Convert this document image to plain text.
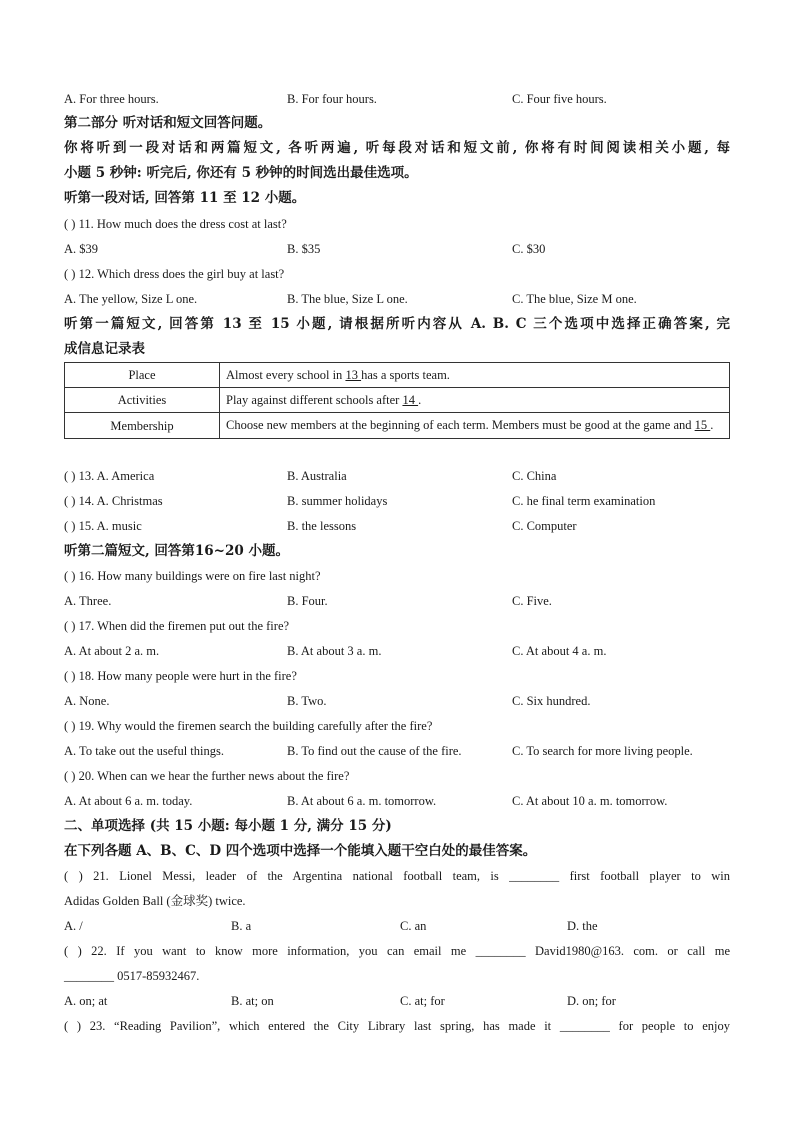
A. For three hours.	B. For four hours.	C. Four five hours.
第二部分 听对话和短文回答问题。
你将听到一段对话和两篇短文, 各听两遍, 听每段对话和短文前, 你将有时间阅读相关小题, 每
小题 5 秒钟: 听完后, 你还有 5 秒钟的时间选出最佳选项。
听第一段对话, 回答第 11 至 12 小题。
( ) 11. How much does the dress cost at last?
A. $39	B. $35	C. $30
( ) 12. Which dress does the girl buy at last?
A. The yellow, Size L one.	B. The blue, Size L one.	C. The blue, Size M one.
听第一篇短文, 回答第 13 至 15 小题, 请根据所听内容从 A. B. C 三个选项中选择正确答案, 完
成信息记录表
Place	Almost every school in 13 has a sports team.
Activities	Play against different schools after 14 .
Membership	Choose new members at the beginning of each term. Members must be good at the game and 15 .
( ) 13. A. America	B. Australia	C. China
( ) 14. A. Christmas	B. summer holidays	C. he final term examination
( ) 15. A. music	B. the lessons	C. Computer
听第二篇短文, 回答第16~20 小题。
( ) 16. How many buildings were on fire last night?
A. Three.	B. Four.	C. Five.
( ) 17. When did the firemen put out the fire?
A. At about 2 a. m.	B. At about 3 a. m.	C. At about 4 a. m.
( ) 18. How many people were hurt in the fire?
A. None.	B. Two.	C. Six hundred.
( ) 19. Why would the firemen search the building carefully after the fire?
A. To take out the useful things.	B. To find out the cause of the fire.	C. To search for more living people.
( ) 20. When can we hear the further news about the fire?
A. At about 6 a. m. today.	B. At about 6 a. m. tomorrow.	C. At about 10 a. m. tomorrow.
二、单项选择 (共 15 小题: 每小题 1 分, 满分 15 分)
在下列各题 A、B、C、D 四个选项中选择一个能填入题干空白处的最佳答案。
( ) 21. Lionel Messi, leader of the Argentina national football team, is ________ first football player to win
Adidas Golden Ball (金球奖) twice.
A. /	B. a	C. an	D. the
( ) 22. If you want to know more information, you can email me ________ David1980@163. com. or call me
________ 0517-85932467.
A. on; at	B. at; on	C. at; for	D. on; for
( ) 23. “Reading Pavilion”, which entered the City Library last spring, has made it ________ for people to enjoy
